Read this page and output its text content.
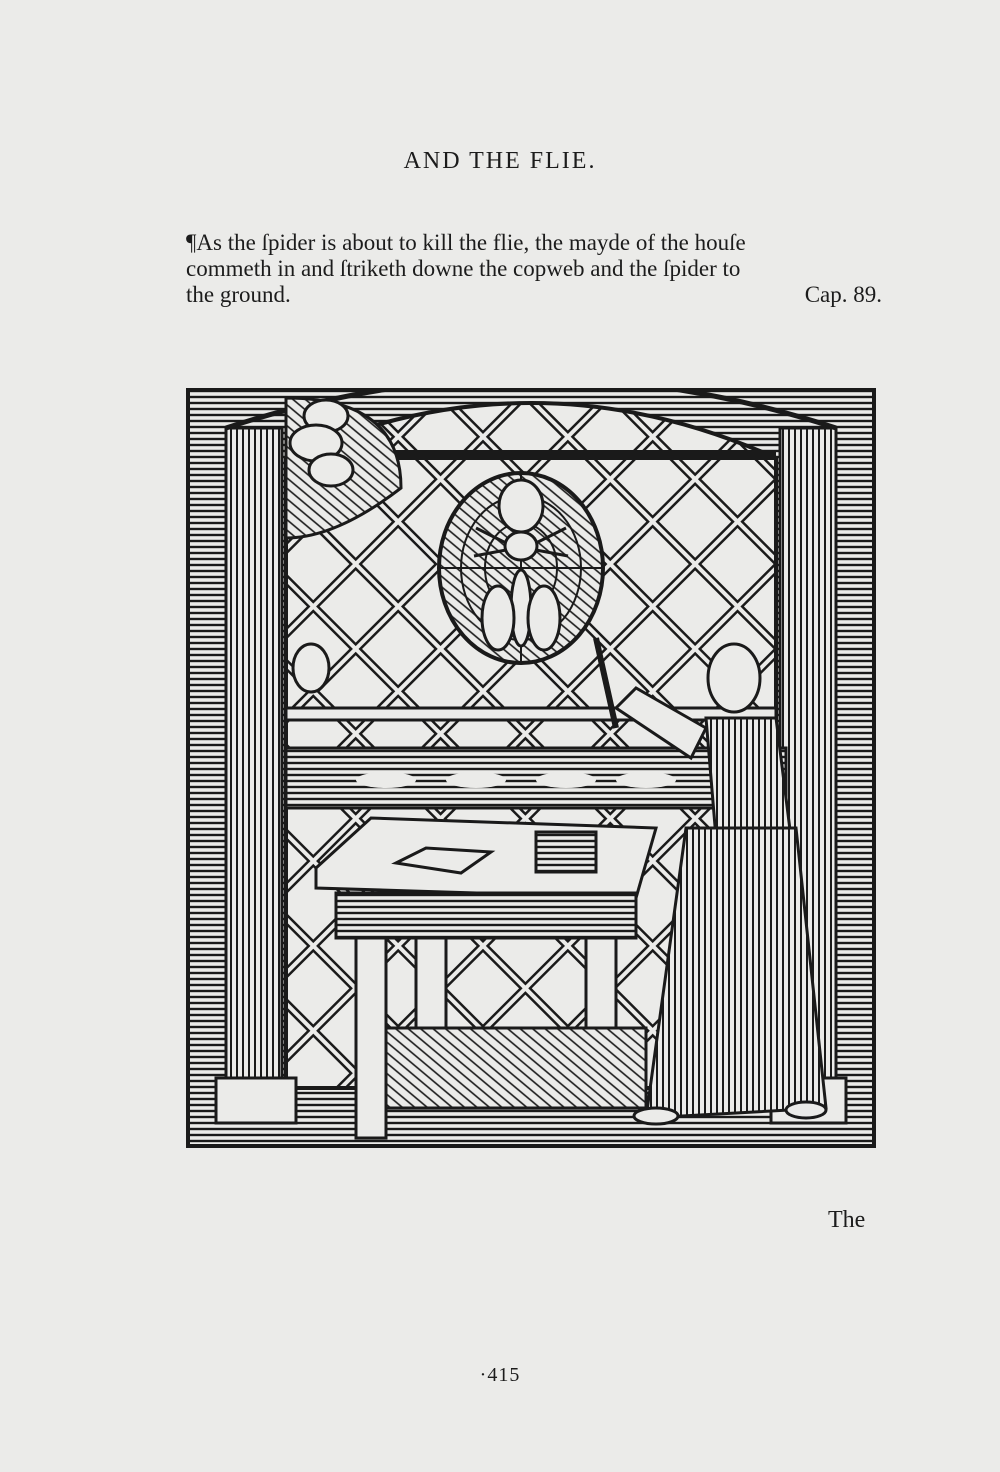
AND THE FLIE.
¶As the ſpider is about to kill the flie, the mayde of the houſe
commeth in and ſtriketh downe the copweb and the ſpider to
the ground.	Cap. 89.
The
·415
